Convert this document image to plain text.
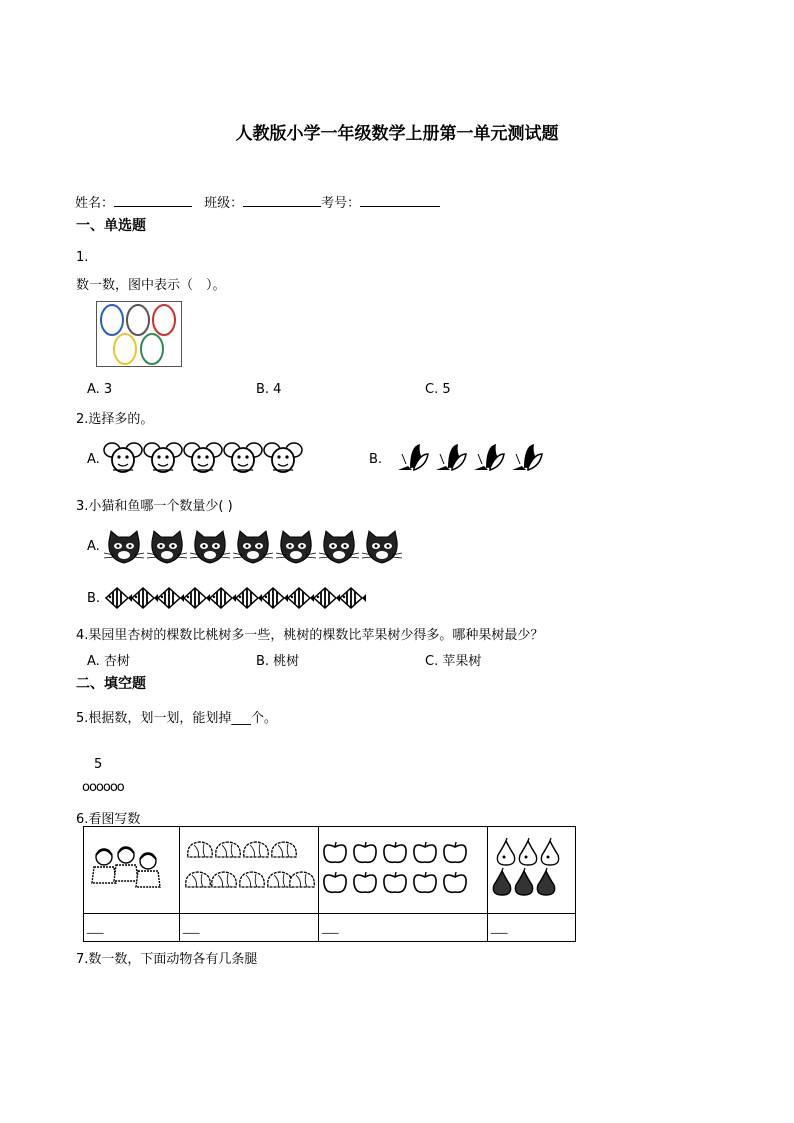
人教版小学一年级数学上册第一单元测试题
姓名：	班级：	考号：
一、单选题
1.
数一数，图中表示（　）。
A. 3	B. 4	C. 5
2.选择多的。
A.	B.
3.小猫和鱼哪一个数量少( )
A.
B.
4.果园里杏树的棵数比桃树多一些，桃树的棵数比苹果树少得多。哪种果树最少？
A. 杏树	B. 桃树	C. 苹果树
二、填空题
5.根据数，划一划，能划掉___个。
5
oooooo
6.看图写数

___	___	___	___
7.数一数，下面动物各有几条腿
